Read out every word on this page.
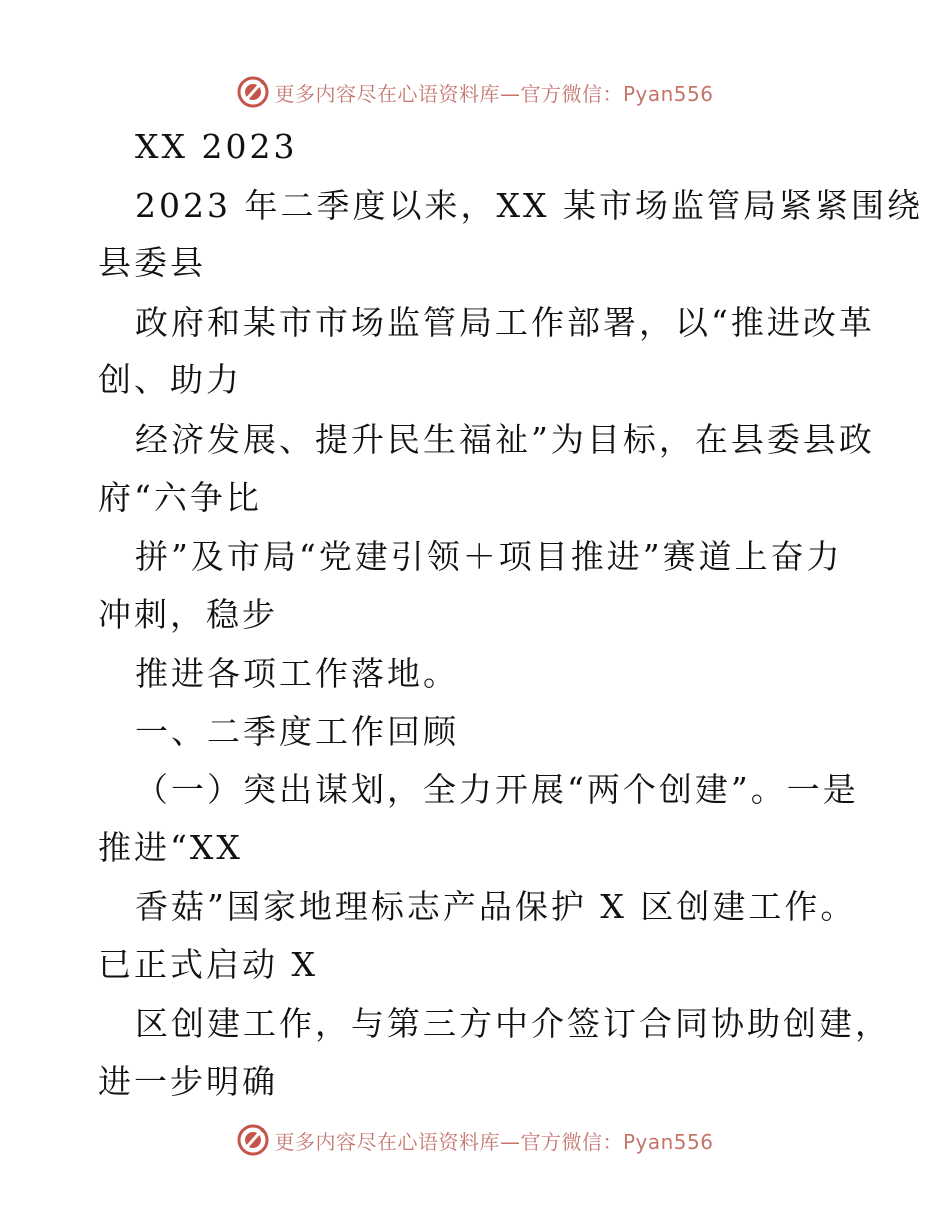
更多内容尽在心语资料库—官方微信：Pyan556
XX 2023
2023 年二季度以来，XX 某市场监管局紧紧围绕
县委县
政府和某市市场监管局工作部署，以“推进改革
创、助力
经济发展、提升民生福祉”为目标，在县委县政
府“六争比
拼”及市局“党建引领＋项目推进”赛道上奋力
冲刺，稳步
推进各项工作落地。
一、二季度工作回顾
（一）突出谋划，全力开展“两个创建”。一是
推进“XX
香菇”国家地理标志产品保护 X 区创建工作。
已正式启动 X
区创建工作，与第三方中介签订合同协助创建，
进一步明确
更多内容尽在心语资料库—官方微信：Pyan556
